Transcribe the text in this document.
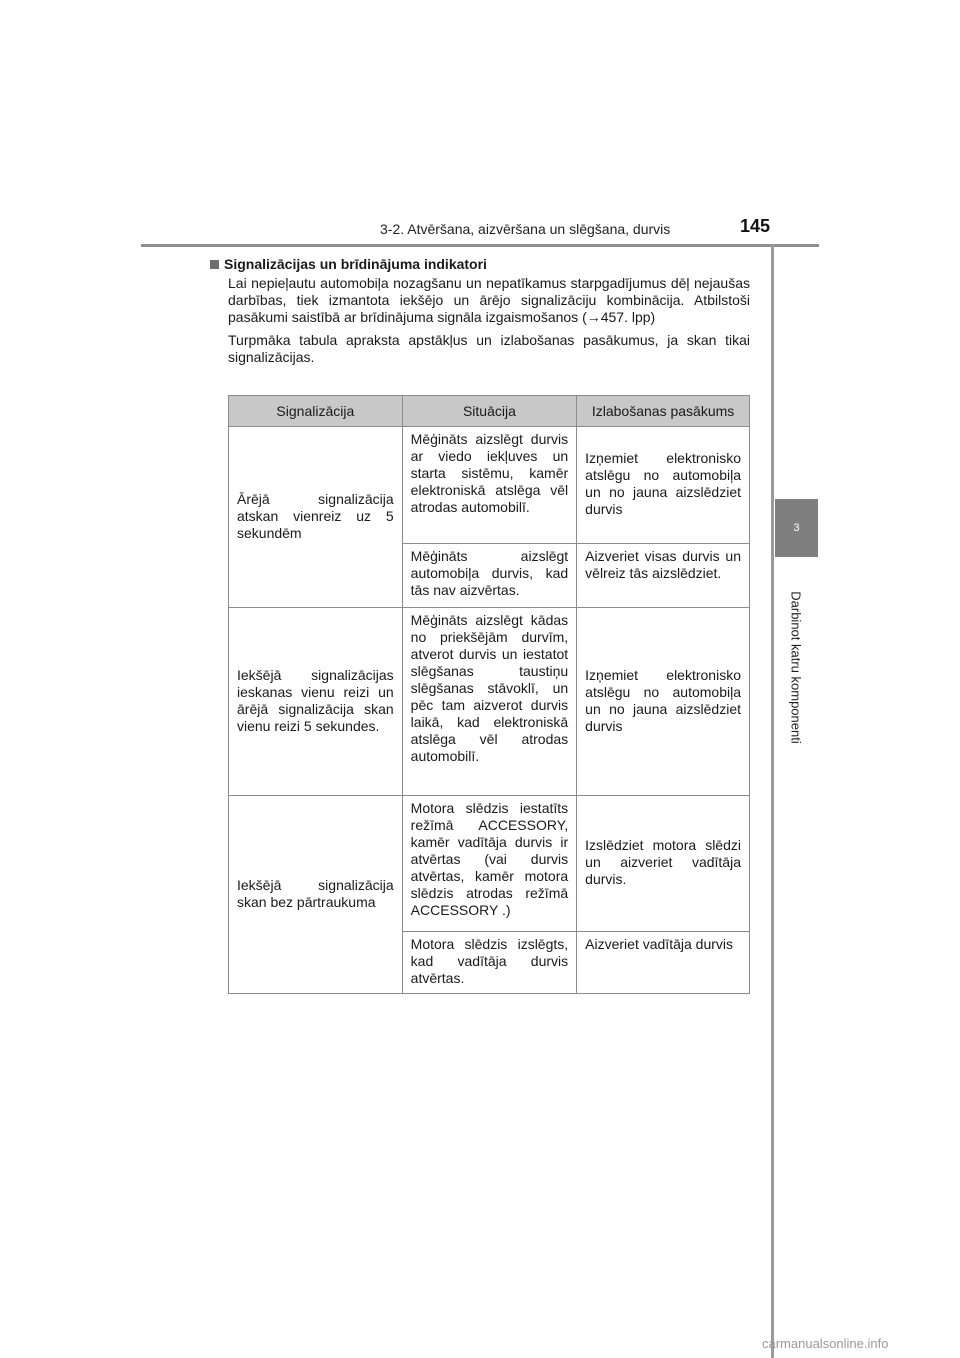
3-2. Atvēršana, aizvēršana un slēgšana, durvis	145
3
Darbinot katru komponenti
Signalizācijas un brīdinājuma indikatori

Lai nepieļautu automobiļa nozagšanu un nepatīkamus starpgadījumus dēļ nejaušas darbības, tiek izmantota iekšējo un ārējo signalizāciju kombinācija. Atbilstoši pasākumi saistībā ar brīdinājuma signāla izgaismošanos (→457. lpp)

Turpmāka tabula apraksta apstākļus un izlabošanas pasākumus, ja skan tikai signalizācijas.

Signalizācija	Situācija	Izlabošanas pasākums
Ārējā signalizācija atskan vienreiz uz 5 sekundēm	Mēģināts aizslēgt durvis ar viedo iekļuves un starta sistēmu, kamēr elektroniskā atslēga vēl atrodas automobilī.	Izņemiet elektronisko atslēgu no automobiļa un no jauna aizslēdziet durvis
	Mēģināts aizslēgt automobiļa durvis, kad tās nav aizvērtas.	Aizveriet visas durvis un vēlreiz tās aizslēdziet.
Iekšējā signalizācijas ieskanas vienu reizi un ārējā signalizācija skan vienu reizi 5 sekundes.	Mēģināts aizslēgt kādas no priekšējām durvīm, atverot durvis un iestatot slēgšanas taustiņu slēgšanas stāvoklī, un pēc tam aizverot durvis laikā, kad elektroniskā atslēga vēl atrodas automobilī.	Izņemiet elektronisko atslēgu no automobiļa un no jauna aizslēdziet durvis
Iekšējā signalizācija skan bez pārtraukuma	Motora slēdzis iestatīts režīmā ACCESSORY, kamēr vadītāja durvis ir atvērtas (vai durvis atvērtas, kamēr motora slēdzis atrodas režīmā ACCESSORY .)	Izslēdziet motora slēdzi un aizveriet vadītāja durvis.
	Motora slēdzis izslēgts, kad vadītāja durvis atvērtas.	Aizveriet vadītāja durvis
carmanualsonline.info
